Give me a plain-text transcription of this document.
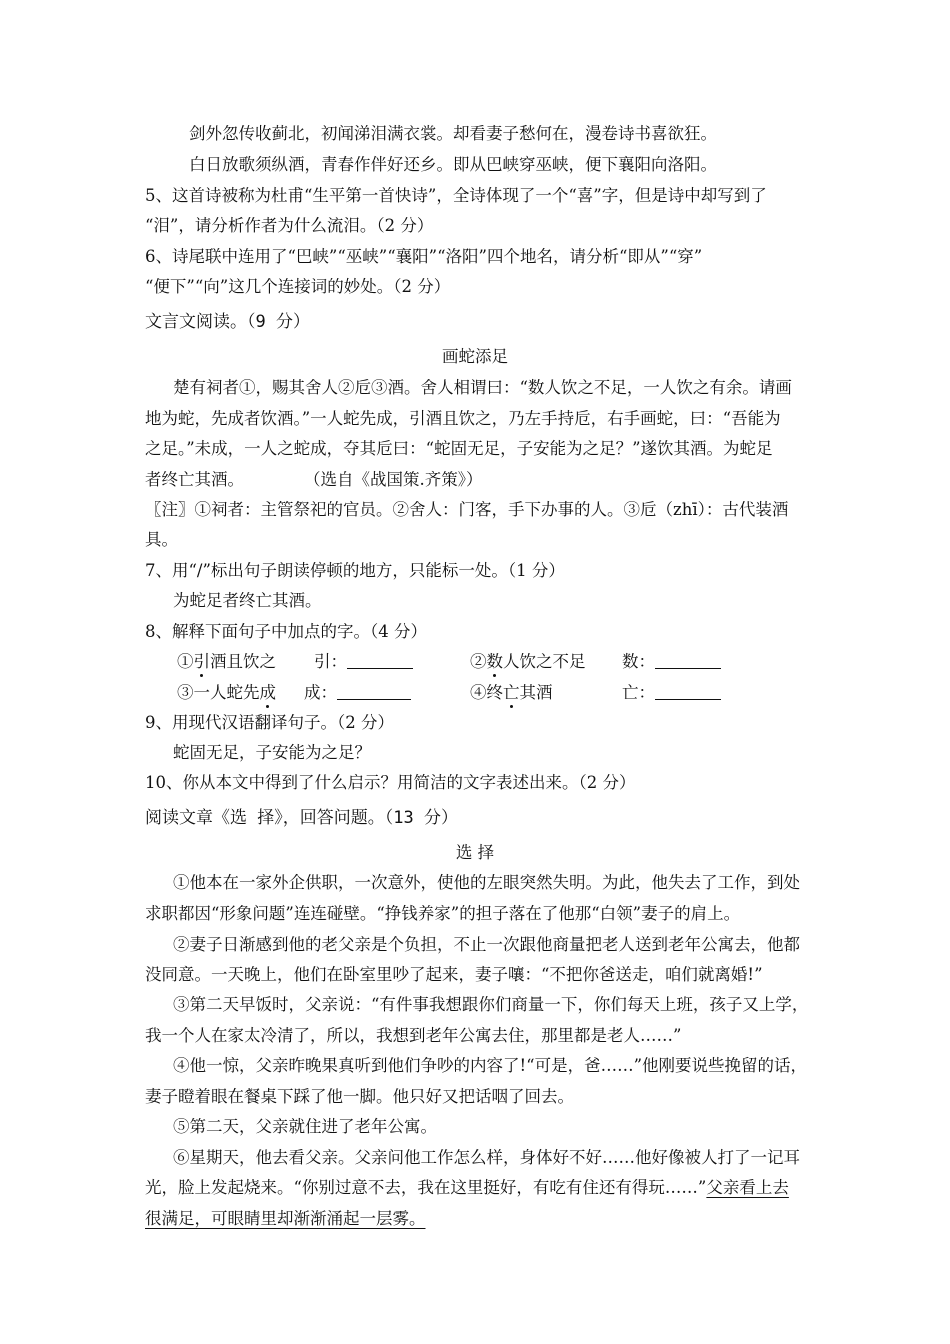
剑外忽传收蓟北，初闻涕泪满衣裳。却看妻子愁何在，漫卷诗书喜欲狂。
白日放歌须纵酒，青春作伴好还乡。即从巴峡穿巫峡，便下襄阳向洛阳。
5、这首诗被称为杜甫“生平第一首快诗”，全诗体现了一个“喜”字，但是诗中却写到了
“泪”，请分析作者为什么流泪。（2 分）
6、诗尾联中连用了“巴峡”“巫峡”“襄阳”“洛阳”四个地名，请分析“即从”“穿”
“便下”“向”这几个连接词的妙处。（2 分）
文言文阅读。（9 分）
画蛇添足
楚有祠者①，赐其舍人②卮③酒。舍人相谓曰：“数人饮之不足，一人饮之有余。请画
地为蛇，先成者饮酒。”一人蛇先成，引酒且饮之，乃左手持卮，右手画蛇，曰：“吾能为
之足。”未成，一人之蛇成，夺其卮曰：“蛇固无足，子安能为之足？”遂饮其酒。为蛇足
者终亡其酒。	（选自《战国策.齐策》）
〖注〗①祠者：主管祭祀的官员。②舍人：门客，手下办事的人。③卮（zhī）：古代装酒
具。
7、用“/”标出句子朗读停顿的地方，只能标一处。（1 分）
为蛇足者终亡其酒。
8、解释下面句子中加点的字。（4 分）
①引酒且饮之 引：	②数人饮之不足 数：
③一人蛇先成 成：	④终亡其酒	亡：
9、用现代汉语翻译句子。（2 分）
蛇固无足，子安能为之足？
10、你从本文中得到了什么启示？用简洁的文字表述出来。（2 分）
阅读文章《选 择》，回答问题。（13 分）
选 择
①他本在一家外企供职，一次意外，使他的左眼突然失明。为此，他失去了工作，到处
求职都因“形象问题”连连碰壁。“挣钱养家”的担子落在了他那“白领”妻子的肩上。
②妻子日渐感到他的老父亲是个负担，不止一次跟他商量把老人送到老年公寓去，他都
没同意。一天晚上，他们在卧室里吵了起来，妻子嚷：“不把你爸送走，咱们就离婚!”
③第二天早饭时，父亲说：“有件事我想跟你们商量一下，你们每天上班，孩子又上学，
我一个人在家太冷清了，所以，我想到老年公寓去住，那里都是老人……”
④他一惊，父亲昨晚果真听到他们争吵的内容了!“可是，爸……”他刚要说些挽留的话，
妻子瞪着眼在餐桌下踩了他一脚。他只好又把话咽了回去。
⑤第二天，父亲就住进了老年公寓。
⑥星期天，他去看父亲。父亲问他工作怎么样，身体好不好……他好像被人打了一记耳
光，脸上发起烧来。“你别过意不去，我在这里挺好，有吃有住还有得玩……”父亲看上去
很满足，可眼睛里却渐渐涌起一层雾。
